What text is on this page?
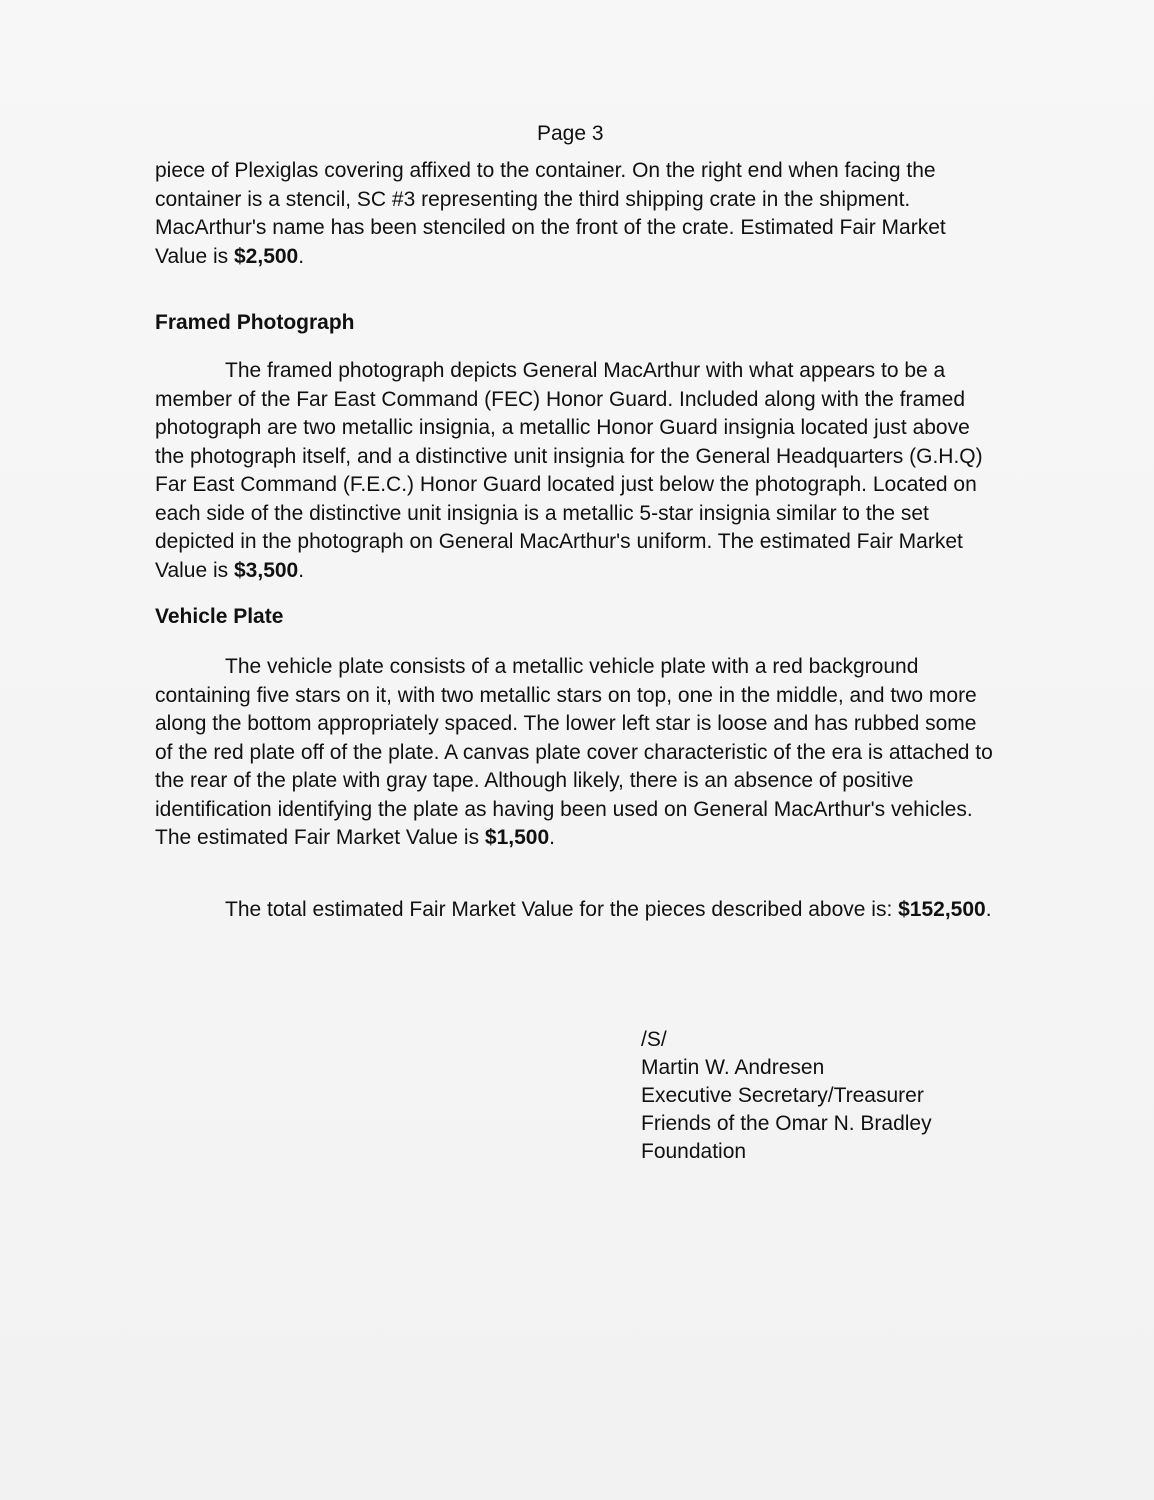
Page 3

piece of Plexiglas covering affixed to the container. On the right end when facing the container is a stencil, SC #3 representing the third shipping crate in the shipment. MacArthur's name has been stenciled on the front of the crate. Estimated Fair Market Value is $2,500.

Framed Photograph

The framed photograph depicts General MacArthur with what appears to be a member of the Far East Command (FEC) Honor Guard. Included along with the framed photograph are two metallic insignia, a metallic Honor Guard insignia located just above the photograph itself, and a distinctive unit insignia for the General Headquarters (G.H.Q) Far East Command (F.E.C.) Honor Guard located just below the photograph. Located on each side of the distinctive unit insignia is a metallic 5-star insignia similar to the set depicted in the photograph on General MacArthur's uniform. The estimated Fair Market Value is $3,500.

Vehicle Plate

The vehicle plate consists of a metallic vehicle plate with a red background containing five stars on it, with two metallic stars on top, one in the middle, and two more along the bottom appropriately spaced. The lower left star is loose and has rubbed some of the red plate off of the plate. A canvas plate cover characteristic of the era is attached to the rear of the plate with gray tape. Although likely, there is an absence of positive identification identifying the plate as having been used on General MacArthur's vehicles. The estimated Fair Market Value is $1,500.

The total estimated Fair Market Value for the pieces described above is: $152,500.

/S/
Martin W. Andresen
Executive Secretary/Treasurer
Friends of the Omar N. Bradley
Foundation
